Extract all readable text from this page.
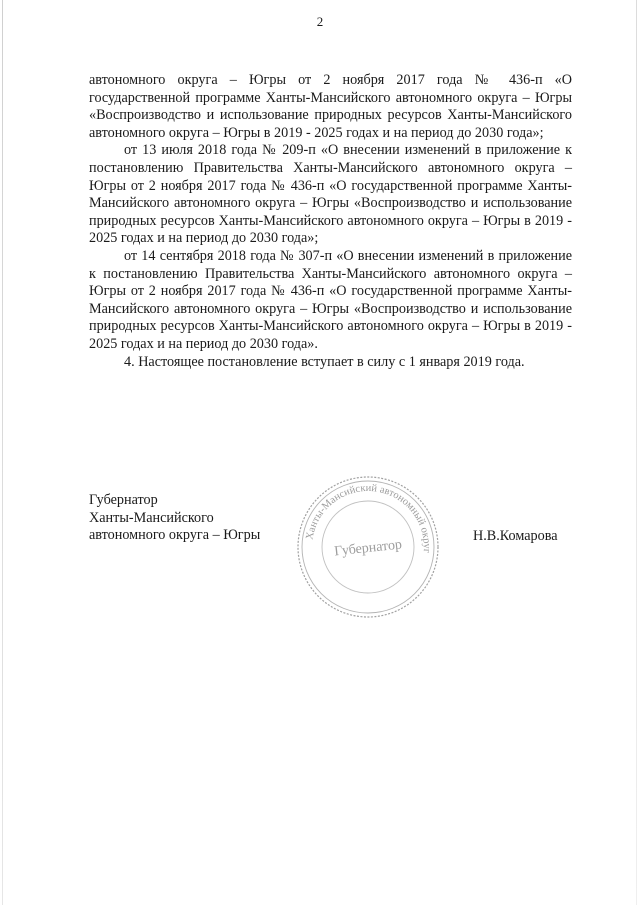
2

автономного округа – Югры от 2 ноября 2017 года № 436-п «О государственной программе Ханты-Мансийского автономного округа – Югры «Воспроизводство и использование природных ресурсов Ханты-Мансийского автономного округа – Югры в 2019 - 2025 годах и на период до 2030 года»;

от 13 июля 2018 года № 209-п «О внесении изменений в приложение к постановлению Правительства Ханты-Мансийского автономного округа – Югры от 2 ноября 2017 года № 436-п «О государственной программе Ханты-Мансийского автономного округа – Югры «Воспроизводство и использование природных ресурсов Ханты-Мансийского автономного округа – Югры в 2019 - 2025 годах и на период до 2030 года»;

от 14 сентября 2018 года № 307-п «О внесении изменений в приложение к постановлению Правительства Ханты-Мансийского автономного округа – Югры от 2 ноября 2017 года № 436-п «О государственной программе Ханты-Мансийского автономного округа – Югры «Воспроизводство и использование природных ресурсов Ханты-Мансийского автономного округа – Югры в 2019 - 2025 годах и на период до 2030 года».

4. Настоящее постановление вступает в силу с 1 января 2019 года.

Губернатор
Ханты-Мансийского
автономного округа – Югры	Н.В.Комарова
Ханты-Мансийский автономный округ
Губернатор
